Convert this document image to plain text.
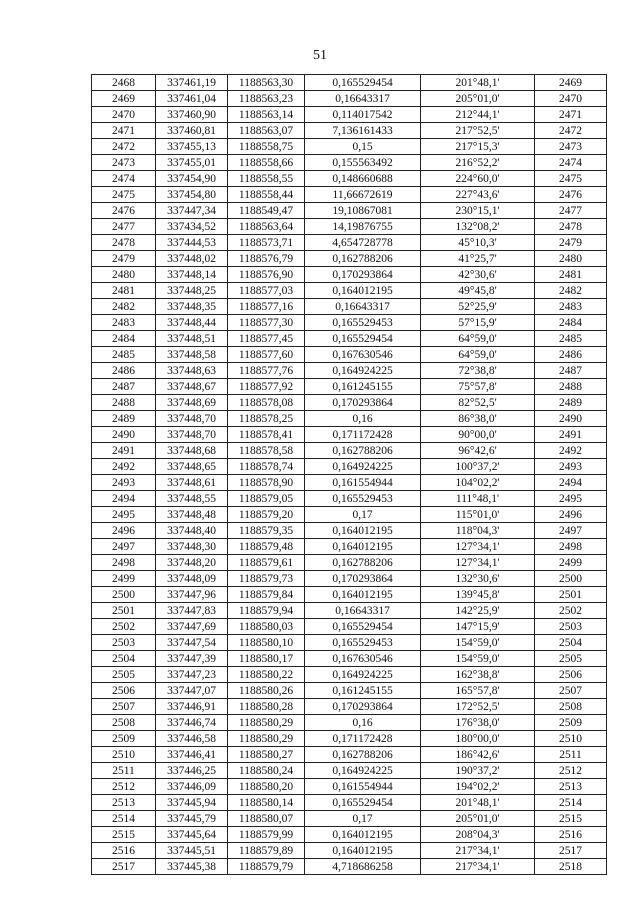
51
2468	337461,19	1188563,30	0,165529454	201°48,1'	2469
2469	337461,04	1188563,23	0,16643317	205°01,0'	2470
2470	337460,90	1188563,14	0,114017542	212°44,1'	2471
2471	337460,81	1188563,07	7,136161433	217°52,5'	2472
2472	337455,13	1188558,75	0,15	217°15,3'	2473
2473	337455,01	1188558,66	0,155563492	216°52,2'	2474
2474	337454,90	1188558,55	0,148660688	224°60,0'	2475
2475	337454,80	1188558,44	11,66672619	227°43,6'	2476
2476	337447,34	1188549,47	19,10867081	230°15,1'	2477
2477	337434,52	1188563,64	14,19876755	132°08,2'	2478
2478	337444,53	1188573,71	4,654728778	45°10,3'	2479
2479	337448,02	1188576,79	0,162788206	41°25,7'	2480
2480	337448,14	1188576,90	0,170293864	42°30,6'	2481
2481	337448,25	1188577,03	0,164012195	49°45,8'	2482
2482	337448,35	1188577,16	0,16643317	52°25,9'	2483
2483	337448,44	1188577,30	0,165529453	57°15,9'	2484
2484	337448,51	1188577,45	0,165529454	64°59,0'	2485
2485	337448,58	1188577,60	0,167630546	64°59,0'	2486
2486	337448,63	1188577,76	0,164924225	72°38,8'	2487
2487	337448,67	1188577,92	0,161245155	75°57,8'	2488
2488	337448,69	1188578,08	0,170293864	82°52,5'	2489
2489	337448,70	1188578,25	0,16	86°38,0'	2490
2490	337448,70	1188578,41	0,171172428	90°00,0'	2491
2491	337448,68	1188578,58	0,162788206	96°42,6'	2492
2492	337448,65	1188578,74	0,164924225	100°37,2'	2493
2493	337448,61	1188578,90	0,161554944	104°02,2'	2494
2494	337448,55	1188579,05	0,165529453	111°48,1'	2495
2495	337448,48	1188579,20	0,17	115°01,0'	2496
2496	337448,40	1188579,35	0,164012195	118°04,3'	2497
2497	337448,30	1188579,48	0,164012195	127°34,1'	2498
2498	337448,20	1188579,61	0,162788206	127°34,1'	2499
2499	337448,09	1188579,73	0,170293864	132°30,6'	2500
2500	337447,96	1188579,84	0,164012195	139°45,8'	2501
2501	337447,83	1188579,94	0,16643317	142°25,9'	2502
2502	337447,69	1188580,03	0,165529454	147°15,9'	2503
2503	337447,54	1188580,10	0,165529453	154°59,0'	2504
2504	337447,39	1188580,17	0,167630546	154°59,0'	2505
2505	337447,23	1188580,22	0,164924225	162°38,8'	2506
2506	337447,07	1188580,26	0,161245155	165°57,8'	2507
2507	337446,91	1188580,28	0,170293864	172°52,5'	2508
2508	337446,74	1188580,29	0,16	176°38,0'	2509
2509	337446,58	1188580,29	0,171172428	180°00,0'	2510
2510	337446,41	1188580,27	0,162788206	186°42,6'	2511
2511	337446,25	1188580,24	0,164924225	190°37,2'	2512
2512	337446,09	1188580,20	0,161554944	194°02,2'	2513
2513	337445,94	1188580,14	0,165529454	201°48,1'	2514
2514	337445,79	1188580,07	0,17	205°01,0'	2515
2515	337445,64	1188579,99	0,164012195	208°04,3'	2516
2516	337445,51	1188579,89	0,164012195	217°34,1'	2517
2517	337445,38	1188579,79	4,718686258	217°34,1'	2518
